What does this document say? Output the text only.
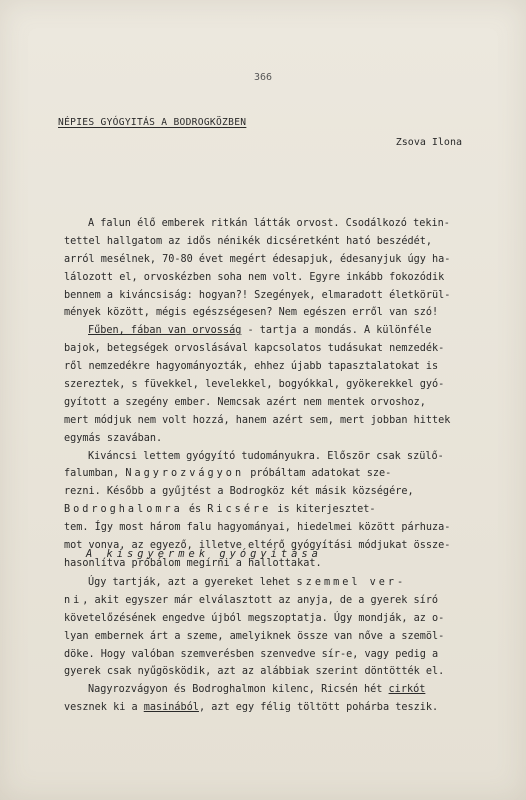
366
NÉPIES GYÓGYITÁS A BODROGKÖZBEN
Zsova Ilona
A falun élő emberek ritkán látták orvost. Csodálkozó tekin-
tettel hallgatom az idős nénikék dicséretként ható beszédét,
arról mesélnek, 70-80 évet megért édesapjuk, édesanyjuk úgy ha-
lálozott el, orvoskézben soha nem volt. Egyre inkább fokozódik
bennem a kiváncsiság: hogyan?! Szegények, elmaradott életkörül-
mények között, mégis egészségesen? Nem egészen erről van szó!
Fűben, fában van orvosság - tartja a mondás. A különféle
bajok, betegségek orvoslásával kapcsolatos tudásukat nemzedék-
ről nemzedékre hagyományozták, ehhez újabb tapasztalatokat is
szereztek, s füvekkel, levelekkel, bogyókkal, gyökerekkel gyó-
gyított a szegény ember. Nemcsak azért nem mentek orvoshoz,
mert módjuk nem volt hozzá, hanem azért sem, mert jobban hittek
egymás szavában.
Kiváncsi lettem gyógyító tudományukra. Először csak szülő-
falumban, Nagyrozvágyon próbáltam adatokat sze-
rezni. Később a gyűjtést a Bodrogköz két másik községére,
Bodroghalomra és Ricsére is kiterjesztet-
tem. Így most három falu hagyományai, hiedelmei között párhuza-
mot vonva, az egyező, illetve eltérő gyógyítási módjukat össze-
hasonlítva próbálom megírni a hallottakat.
A kisgyermek gyógyítása
Úgy tartják, azt a gyereket lehet szemmel ver-
ni, akit egyszer már elválasztott az anyja, de a gyerek síró
követelőzésének engedve újból megszoptatja. Úgy mondják, az o-
lyan embernek árt a szeme, amelyiknek össze van nőve a szemöl-
döke. Hogy valóban szemverésben szenvedve sír-e, vagy pedig a
gyerek csak nyűgösködik, azt az alábbiak szerint döntötték el.
Nagyrozvágyon és Bodroghalmon kilenc, Ricsén hét cirkót
vesznek ki a masinából, azt egy félig töltött pohárba teszik.
